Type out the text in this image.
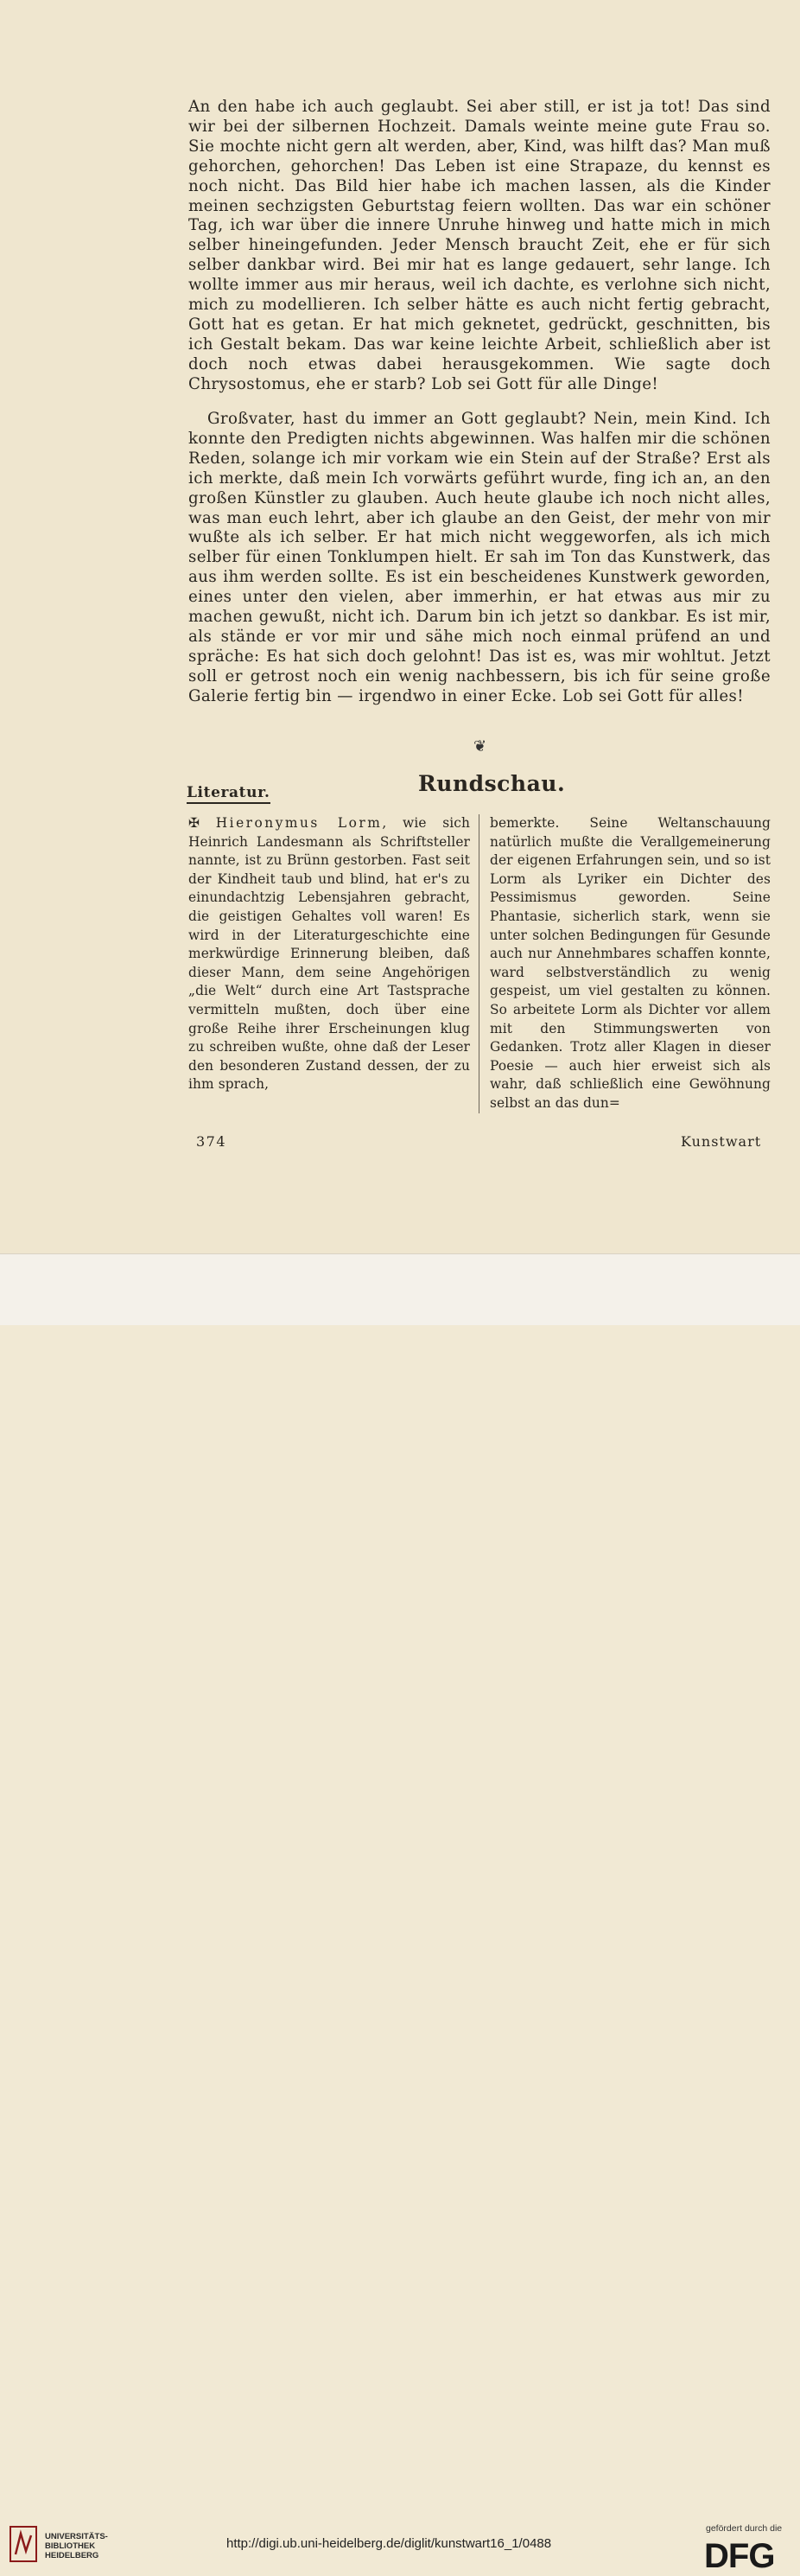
An den habe ich auch geglaubt. Sei aber still, er ist ja tot! Das sind wir bei der silbernen Hochzeit. Damals weinte meine gute Frau so. Sie mochte nicht gern alt werden, aber, Kind, was hilft das? Man muß gehorchen, gehorchen! Das Leben ist eine Strapaze, du kennst es noch nicht. Das Bild hier habe ich machen lassen, als die Kinder meinen sechzigsten Geburtstag feiern wollten. Das war ein schöner Tag, ich war über die innere Unruhe hinweg und hatte mich in mich selber hineingefunden. Jeder Mensch braucht Zeit, ehe er für sich selber dankbar wird. Bei mir hat es lange gedauert, sehr lange. Ich wollte immer aus mir heraus, weil ich dachte, es verlohne sich nicht, mich zu modellieren. Ich selber hätte es auch nicht fertig gebracht, Gott hat es getan. Er hat mich geknetet, gedrückt, geschnitten, bis ich Gestalt bekam. Das war keine leichte Arbeit, schließlich aber ist doch noch etwas dabei herausgekommen. Wie sagte doch Chrysostomus, ehe er starb? Lob sei Gott für alle Dinge!

Großvater, hast du immer an Gott geglaubt? Nein, mein Kind. Ich konnte den Predigten nichts abgewinnen. Was halfen mir die schönen Reden, solange ich mir vorkam wie ein Stein auf der Straße? Erst als ich merkte, daß mein Ich vorwärts geführt wurde, fing ich an, an den großen Künstler zu glauben. Auch heute glaube ich noch nicht alles, was man euch lehrt, aber ich glaube an den Geist, der mehr von mir wußte als ich selber. Er hat mich nicht weggeworfen, als ich mich selber für einen Tonklumpen hielt. Er sah im Ton das Kunstwerk, das aus ihm werden sollte. Es ist ein bescheidenes Kunstwerk geworden, eines unter den vielen, aber immerhin, er hat etwas aus mir zu machen gewußt, nicht ich. Darum bin ich jetzt so dankbar. Es ist mir, als stände er vor mir und sähe mich noch einmal prüfend an und spräche: Es hat sich doch gelohnt! Das ist es, was mir wohltut. Jetzt soll er getrost noch ein wenig nachbessern, bis ich für seine große Galerie fertig bin — irgendwo in einer Ecke. Lob sei Gott für alles!

❦
Rundschau.
Literatur.

✠ Hieronymus Lorm, wie sich Heinrich Landesmann als Schriftsteller nannte, ist zu Brünn gestorben. Fast seit der Kindheit taub und blind, hat er's zu einundachtzig Lebensjahren gebracht, die geistigen Gehaltes voll waren! Es wird in der Literaturgeschichte eine merkwürdige Erinnerung bleiben, daß dieser Mann, dem seine Angehörigen „die Welt“ durch eine Art Tastsprache vermitteln mußten, doch über eine große Reihe ihrer Erscheinungen klug zu schreiben wußte, ohne daß der Leser den besonderen Zustand dessen, der zu ihm sprach,

bemerkte. Seine Weltanschauung natürlich mußte die Verallgemeinerung der eigenen Erfahrungen sein, und so ist Lorm als Lyriker ein Dichter des Pessimismus geworden. Seine Phantasie, sicherlich stark, wenn sie unter solchen Bedingungen für Gesunde auch nur Annehmbares schaffen konnte, ward selbstverständlich zu wenig gespeist, um viel gestalten zu können. So arbeitete Lorm als Dichter vor allem mit den Stimmungswerten von Gedanken. Trotz aller Klagen in dieser Poesie — auch hier erweist sich als wahr, daß schließlich eine Gewöhnung selbst an das dun=

374	Kunstwart
UNIVERSITÄTS-
BIBLIOTHEK
HEIDELBERG
http://digi.ub.uni-heidelberg.de/diglit/kunstwart16_1/0488
gefördert durch die
DFG
